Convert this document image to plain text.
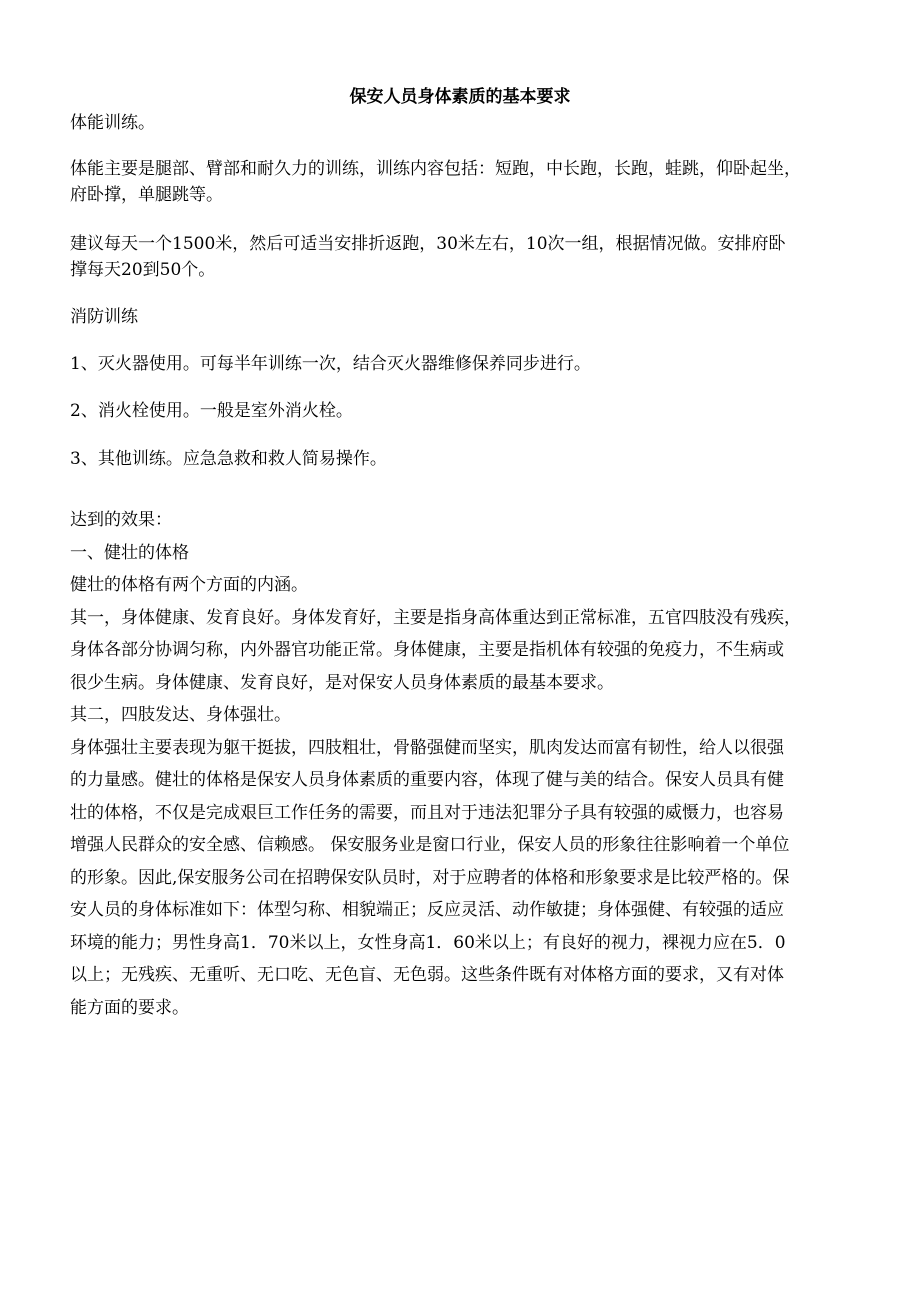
保安人员身体素质的基本要求
体能训练。
体能主要是腿部、臂部和耐久力的训练，训练内容包括：短跑，中长跑，长跑，蛙跳，仰卧起坐，
府卧撑，单腿跳等。
建议每天一个1500米，然后可适当安排折返跑，30米左右，10次一组，根据情况做。安排府卧
撑每天20到50个。
消防训练
1、灭火器使用。可每半年训练一次，结合灭火器维修保养同步进行。
2、消火栓使用。一般是室外消火栓。
3、其他训练。应急急救和救人简易操作。
达到的效果：
一、健壮的体格
健壮的体格有两个方面的内涵。
其一，身体健康、发育良好。身体发育好，主要是指身高体重达到正常标准，五官四肢没有残疾，
身体各部分协调匀称，内外器官功能正常。身体健康，主要是指机体有较强的免疫力，不生病或
很少生病。身体健康、发育良好，是对保安人员身体素质的最基本要求。
其二，四肢发达、身体强壮。
身体强壮主要表现为躯干挺拔，四肢粗壮，骨骼强健而坚实，肌肉发达而富有韧性，给人以很强
的力量感。健壮的体格是保安人员身体素质的重要内容，体现了健与美的结合。保安人员具有健
壮的体格，不仅是完成艰巨工作任务的需要，而且对于违法犯罪分子具有较强的威慑力，也容易
增强人民群众的安全感、信赖感。 保安服务业是窗口行业，保安人员的形象往往影响着一个单位
的形象。因此,保安服务公司在招聘保安队员时，对于应聘者的体格和形象要求是比较严格的。保
安人员的身体标准如下：体型匀称、相貌端正；反应灵活、动作敏捷；身体强健、有较强的适应
环境的能力；男性身高1．70米以上，女性身高1．60米以上；有良好的视力，裸视力应在5．0
以上；无残疾、无重听、无口吃、无色盲、无色弱。这些条件既有对体格方面的要求，又有对体
能方面的要求。
